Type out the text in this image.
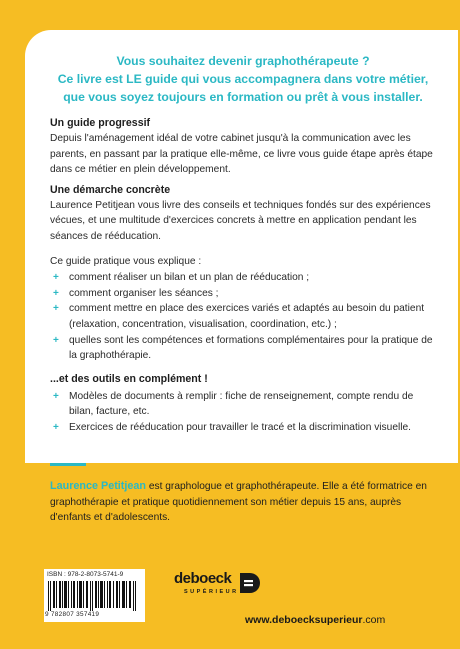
Vous souhaitez devenir graphothérapeute ?
Ce livre est LE guide qui vous accompagnera dans votre métier,
que vous soyez toujours en formation ou prêt à vous installer.

Un guide progressif

Depuis l'aménagement idéal de votre cabinet jusqu'à la communication avec les parents, en passant par la pratique elle-même, ce livre vous guide étape après étape dans ce métier en plein développement.

Une démarche concrète

Laurence Petitjean vous livre des conseils et techniques fondés sur des expériences vécues, et une multitude d'exercices concrets à mettre en application pendant les séances de rééducation.

Ce guide pratique vous explique :

+ comment réaliser un bilan et un plan de rééducation ;
+ comment organiser les séances ;
+ comment mettre en place des exercices variés et adaptés au besoin du patient (relaxation, concentration, visualisation, coordination, etc.) ;
+ quelles sont les compétences et formations complémentaires pour la pratique de la graphothérapie.
...et des outils en complément !
+ Modèles de documents à remplir : fiche de renseignement, compte rendu de bilan, facture, etc.
+ Exercices de rééducation pour travailler le tracé et la discrimination visuelle.
Laurence Petitjean est graphologue et graphothérapeute. Elle a été formatrice en graphothérapie et pratique quotidiennement son métier depuis 15 ans, auprès d'enfants et d'adolescents.
ISBN : 978-2-8073-5741-9
9 782807 357419
deboeck
SUPÉRIEUR
www.deboecksuperieur.com
